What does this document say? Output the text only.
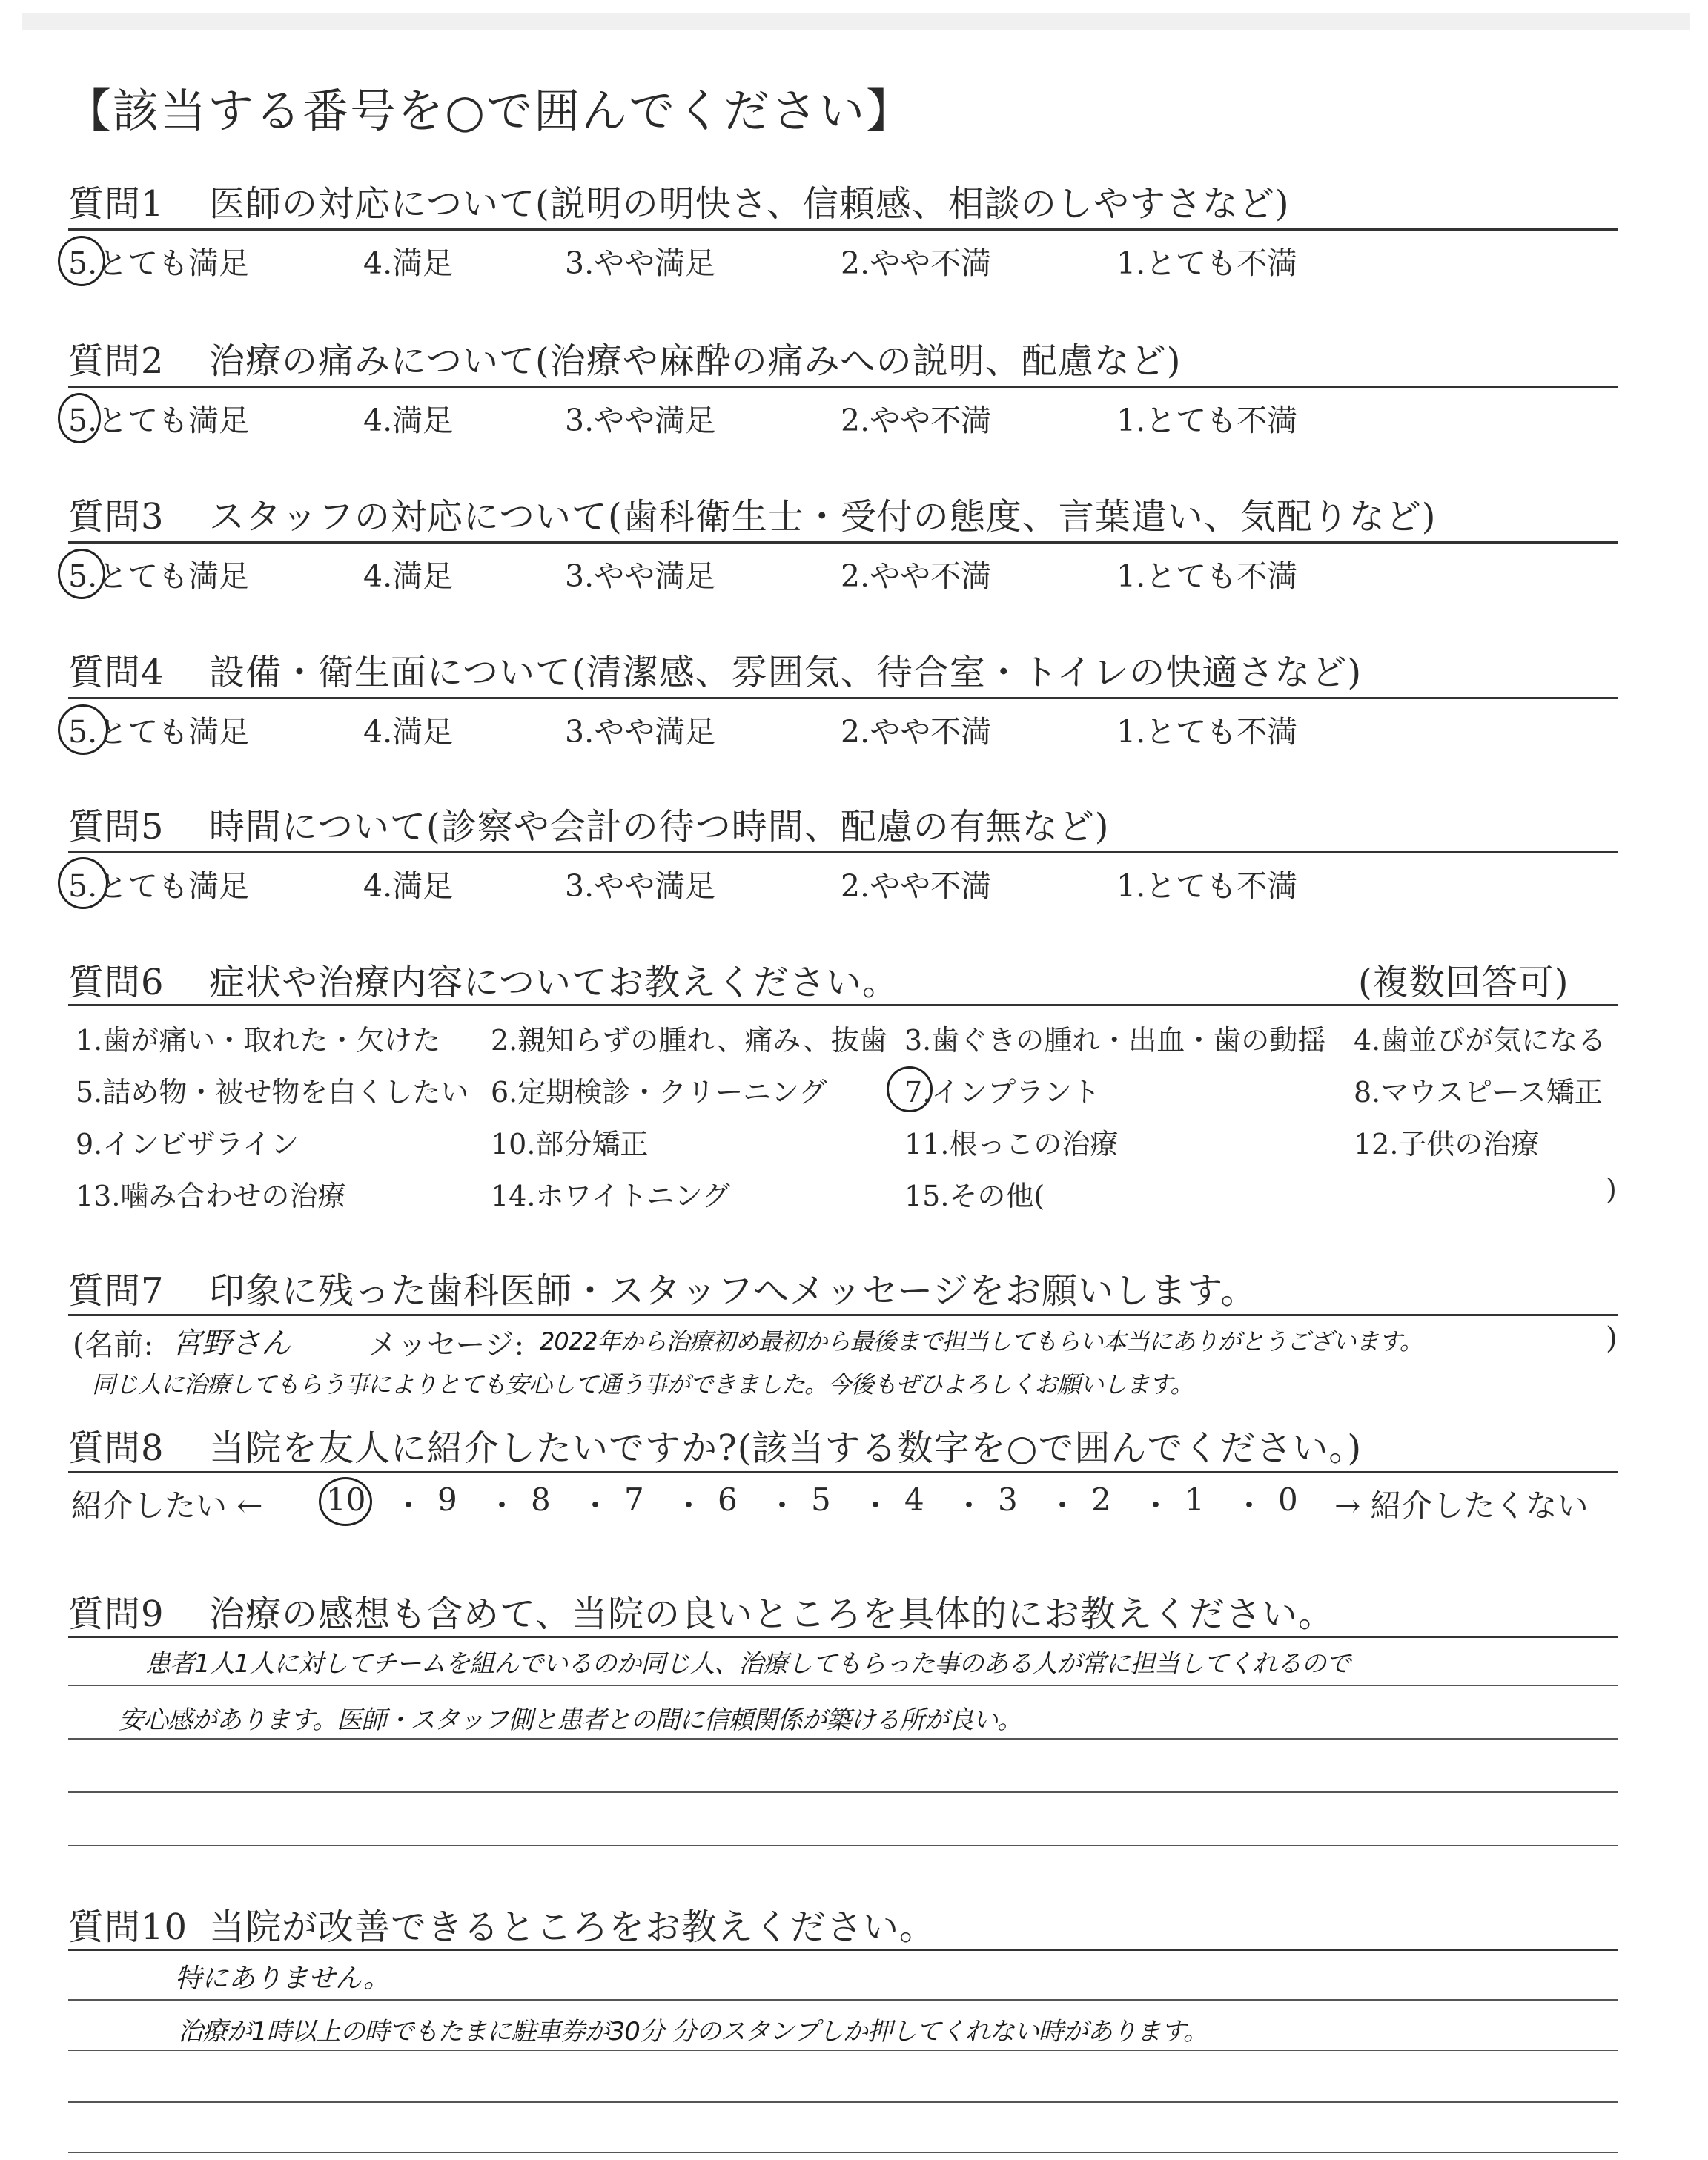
【該当する番号を○で囲んでください】
質問1 医師の対応について(説明の明快さ、信頼感、相談のしやすさなど)
5.とても満足	4.満足	3.やや満足	2.やや不満	1.とても不満
質問2 治療の痛みについて(治療や麻酔の痛みへの説明、配慮など)
5.とても満足	4.満足	3.やや満足	2.やや不満	1.とても不満
質問3 スタッフの対応について(歯科衛生士・受付の態度、言葉遣い、気配りなど)
5.とても満足	4.満足	3.やや満足	2.やや不満	1.とても不満
質問4 設備・衛生面について(清潔感、雰囲気、待合室・トイレの快適さなど)
5.とても満足	4.満足	3.やや満足	2.やや不満	1.とても不満
質問5 時間について(診察や会計の待つ時間、配慮の有無など)
5.とても満足	4.満足	3.やや満足	2.やや不満	1.とても不満
質問6 症状や治療内容についてお教えください。	(複数回答可)
1.歯が痛い・取れた・欠けた 2.親知らずの腫れ、痛み、抜歯 3.歯ぐきの腫れ・出血・歯の動揺 4.歯並びが気になる
5.詰め物・被せ物を白くしたい 6.定期検診・クリーニング	7.インプラント	8.マウスピース矯正
9.インビザライン	10.部分矯正	11.根っこの治療	12.子供の治療
13.噛み合わせの治療	14.ホワイトニング	15.その他(	)
質問7 印象に残った歯科医師・スタッフへメッセージをお願いします。
(名前: 宮野さん	メッセージ: 2022年から治療初め最初から最後まで担当してもらい本当にありがとうございます。	)
同じ人に治療してもらう事によりとても安心して通う事ができました。今後もぜひよろしくお願いします。
質問8 当院を友人に紹介したいですか?(該当する数字を○で囲んでください。)
紹介したい ← 10 ・ 9 ・ 8 ・ 7 ・ 6 ・ 5 ・ 4 ・ 3 ・ 2 ・ 1 ・ 0 → 紹介したくない
質問9 治療の感想も含めて、当院の良いところを具体的にお教えください。
患者1人1人に対してチームを組んでいるのか同じ人、治療してもらった事のある人が常に担当してくれるので
安心感があります。医師・スタッフ側と患者との間に信頼関係が築ける所が良い。
質問10 当院が改善できるところをお教えください。
特にありません。
治療が1時以上の時でもたまに駐車券が30分 分のスタンプしか押してくれない時があります。
